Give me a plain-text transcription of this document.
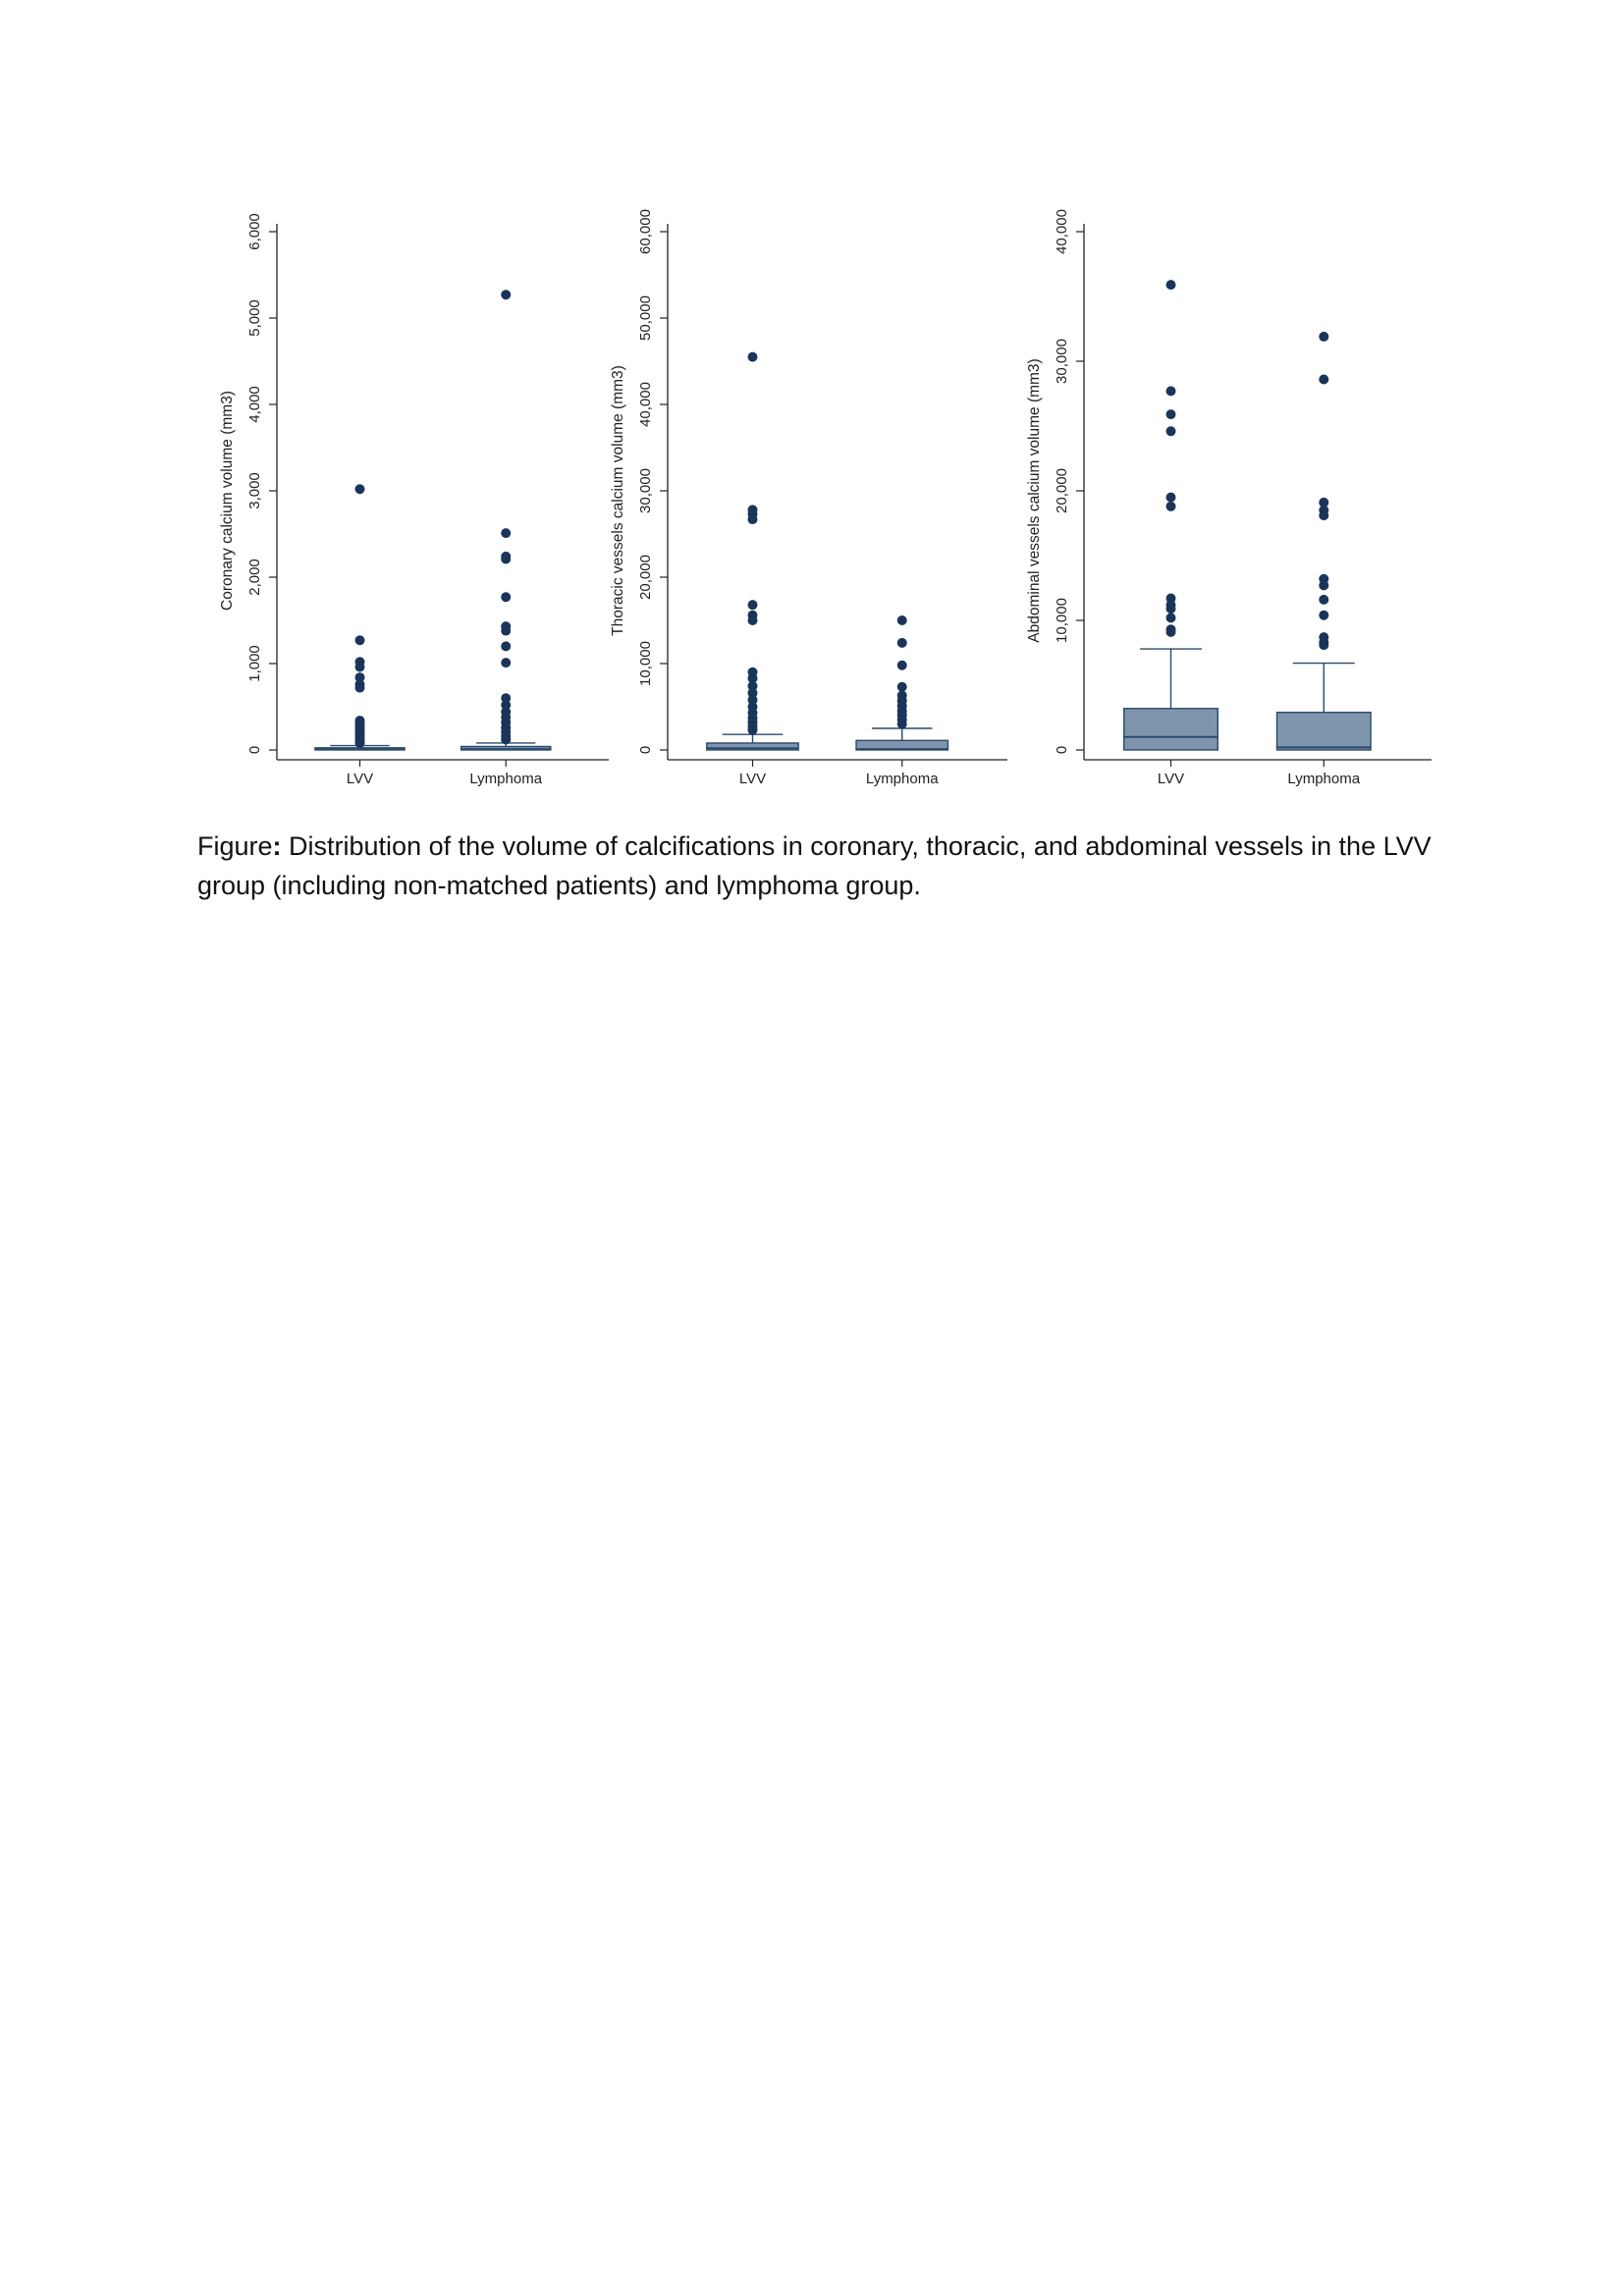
0
1,000
2,000
3,000
4,000
5,000
6,000
Coronary calcium volume (mm3)
LVV	Lymphoma
0
10,000
20,000
30,000
40,000
50,000
60,000
Thoracic vessels calcium volume (mm3)
LVV	Lymphoma
0
10,000
20,000
30,000
40,000
Abdominal vessels calcium volume (mm3)
LVV	Lymphoma
Figure: Distribution of the volume of calcifications in coronary, thoracic, and abdominal vessels in the LVV group (including non-matched patients) and lymphoma group.
